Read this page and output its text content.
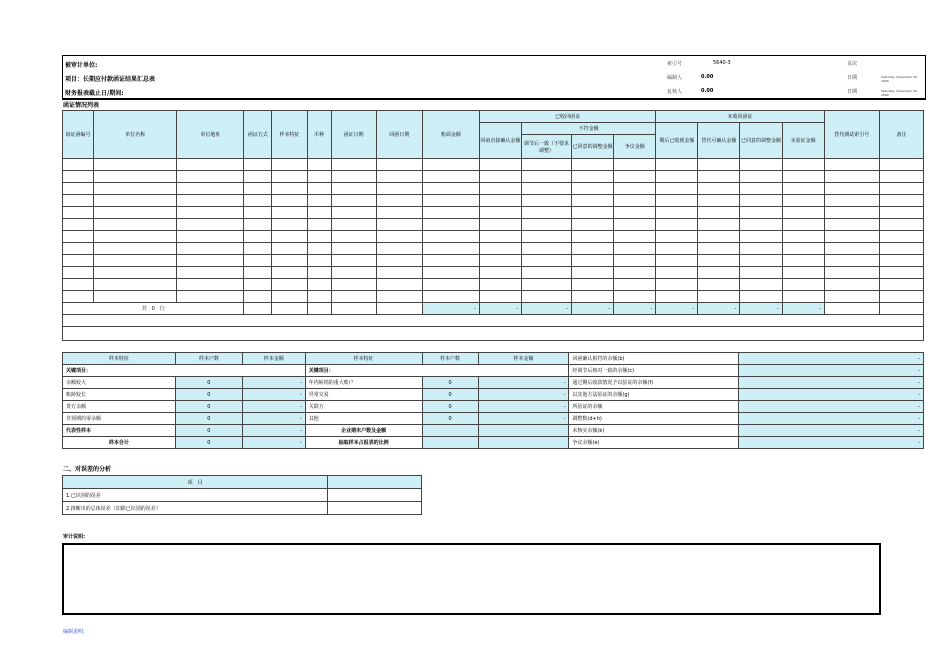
被审计单位:	索引号	5640-3	页次
项目：长期应付款函证结果汇总表	编制人	0.00	日期	Saturday, December 30, 1899
财务报表截止日/期间:	复核人	0.00	日期	Saturday, December 30, 1899
函证情况列表
询证函编号	单位名称	单位地址	函证方式	样本特征	币种	函证日期	回函日期	账面金额	已收回函证				未收回函证				替代测试索引号	备注
									回函直接确认金额	不符金额			期后已收到金额	替代可确认金额	已同意的调整金额	未验证金额		
										调节后一致（不要求调整）	已同意的调整金额	争议金额						

共 0 行								-	-	-	-	-	-	-	-	-		

样本特征	样本户数	样本金额	样本特征	样本户数	样本金额	回函确认相符的余额(b)	-
关键项目：			关键项目：			经调节后核对一致的余额(c)	-
余额较大	0	-	年内转销的重大账户	0	-	通过期后收款情况予以验证的余额(f)	-
账龄较长	0	-	异常交易	0	-	以其他方法验证的余额(g)	-
贷方余额	0	-	关联方	0	-	所验证的余额	-
非预期的零余额	0	-	其他	0	-	调整数(d+h)	-
代表性样本	0	-	企业期末户数及金额			未核实余额(k)	-
样本合计	0	-	抽取样本占报表的比例			争议余额(e)	-
二、对误差的分析
项　目	
1.已识别的误差	
2.推断出的总体误差（扣除已识别的误差）	
审计说明:
编制说明:
